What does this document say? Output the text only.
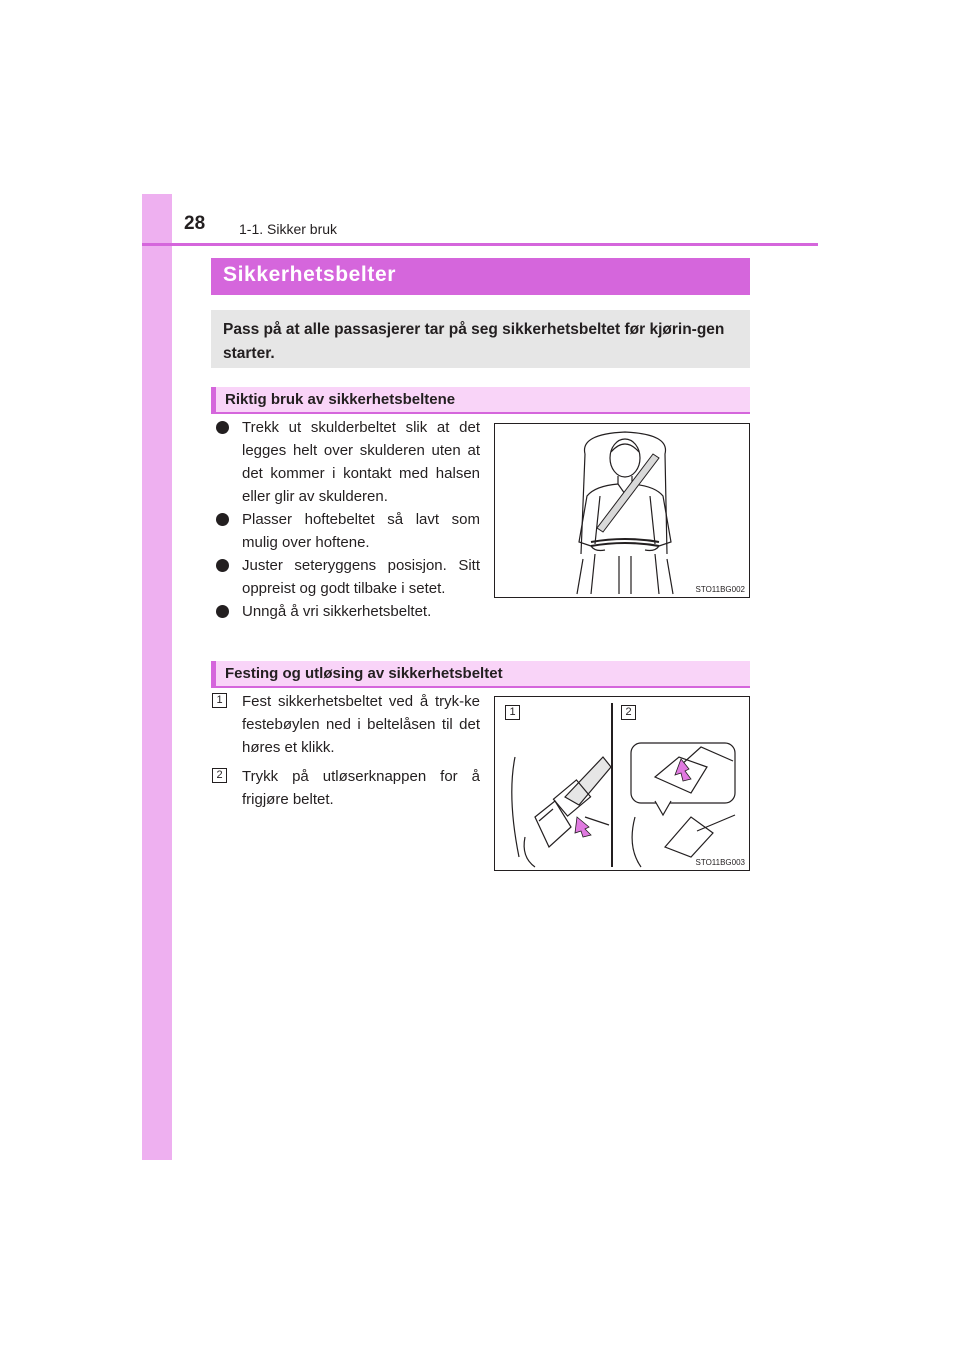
28 1-1. Sikker bruk
Sikkerhetsbelter
Pass på at alle passasjerer tar på seg sikkerhetsbeltet før kjørin-gen starter.
Riktig bruk av sikkerhetsbeltene
Trekk ut skulderbeltet slik at det legges helt over skulderen uten at det kommer i kontakt med halsen eller glir av skulderen.
Plasser hoftebeltet så lavt som mulig over hoftene.
Juster seteryggens posisjon. Sitt oppreist og godt tilbake i setet.
Unngå å vri sikkerhetsbeltet.
STO11BG002
Festing og utløsing av sikkerhetsbeltet
1 Fest sikkerhetsbeltet ved å tryk-ke festebøylen ned i beltelåsen til det høres et klikk.
2 Trykk på utløserknappen for å frigjøre beltet.
1	2
STO11BG003
